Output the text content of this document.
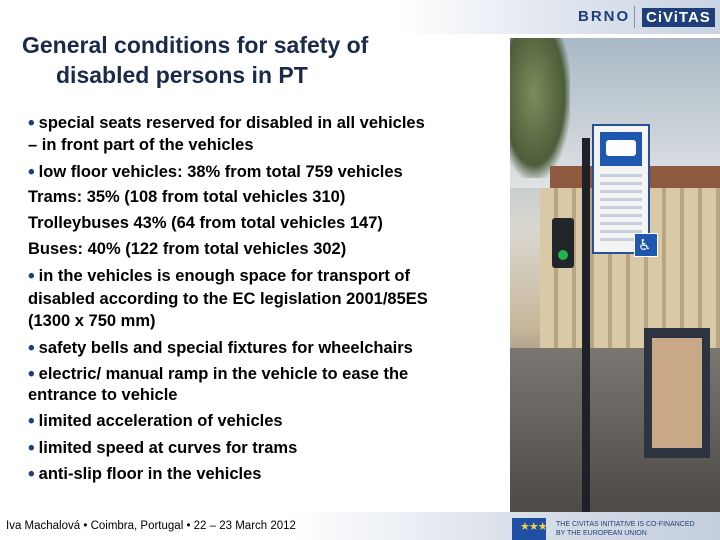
BRNO CiViTAS
General conditions for safety of
disabled persons in PT
♿
• special seats reserved for disabled in all vehicles
– in front part of the vehicles
• low floor vehicles: 38% from total 759 vehicles
Trams: 35% (108 from total vehicles 310)
Trolleybuses 43% (64 from total vehicles 147)
Buses: 40% (122 from total vehicles 302)
• in the vehicles is enough space for transport of
disabled according to the EC legislation 2001/85ES
(1300 x 750 mm)
• safety bells and special fixtures for wheelchairs
• electric/ manual ramp in the vehicle to ease the
entrance to vehicle
• limited acceleration of vehicles
• limited speed at curves for trams
• anti-slip floor in the vehicles
Iva Machalová • Coimbra, Portugal • 22 – 23 March 2012	★★★ THE CIVITAS INITIATIVE IS CO-FINANCED
BY THE EUROPEAN UNION
